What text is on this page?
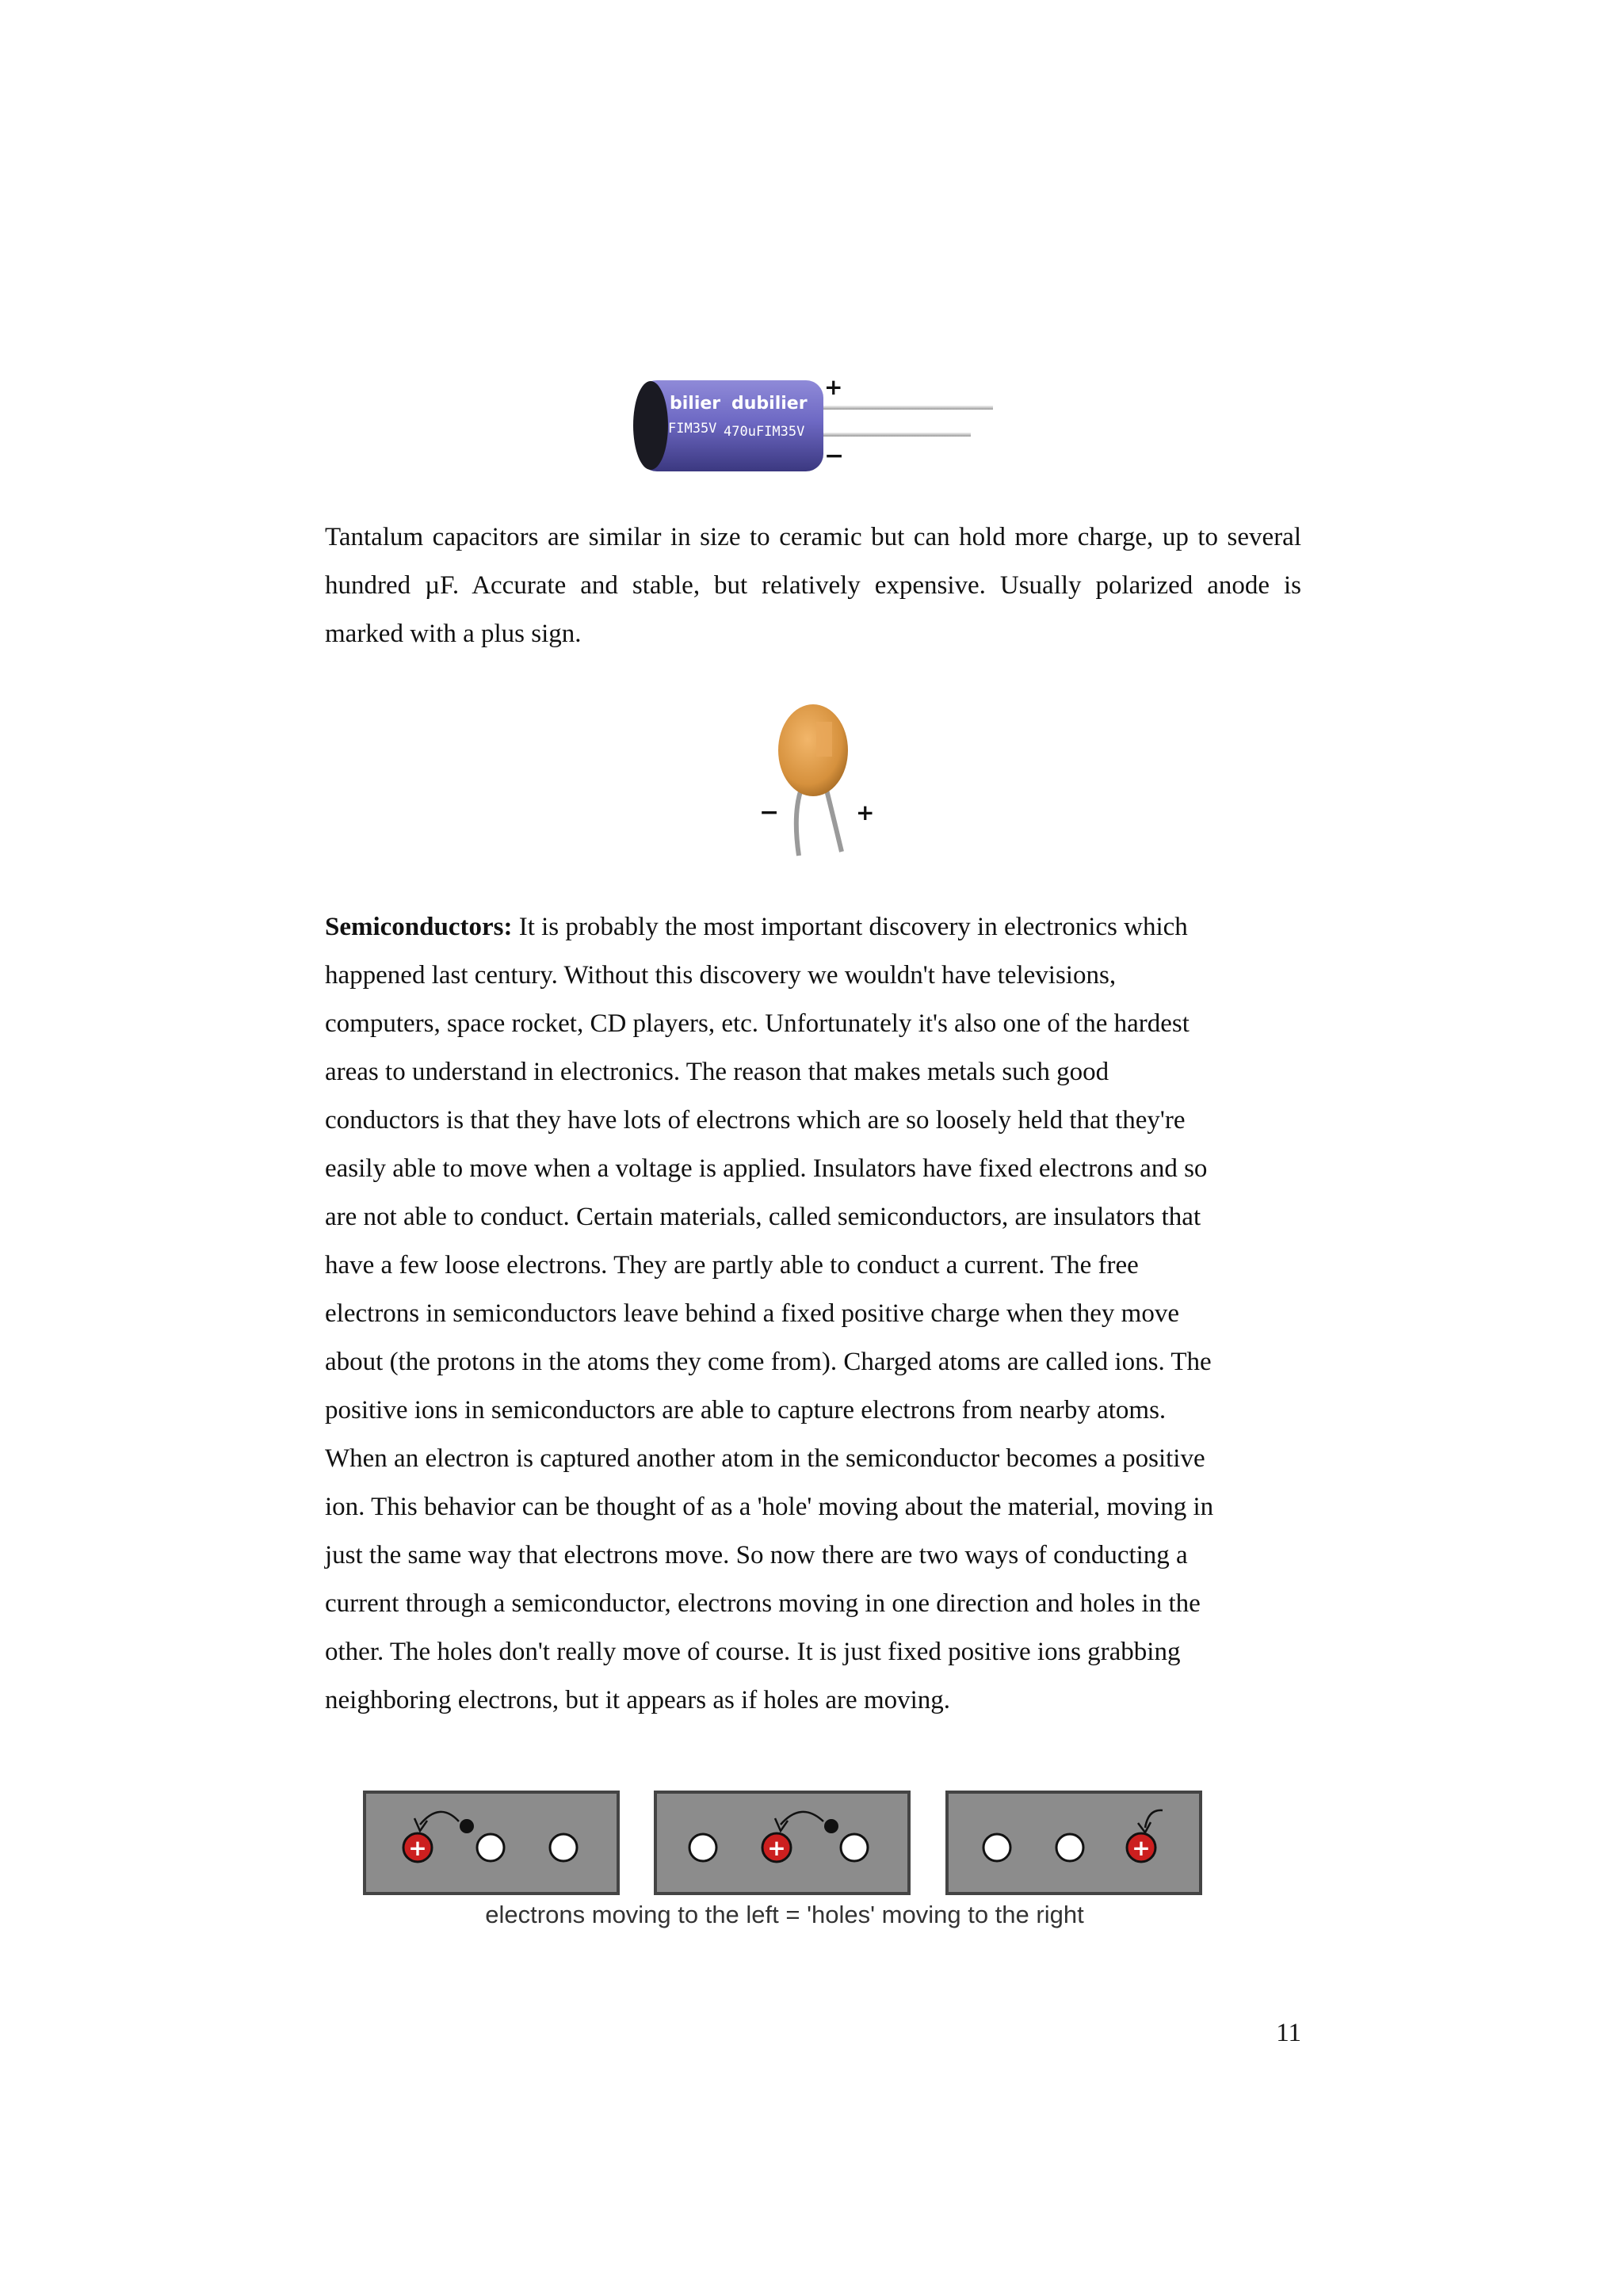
bilier dubilier
FIM35V 470uFIM35V
+
−
Tantalum capacitors are similar in size to ceramic but can hold more charge, up to several hundred µF. Accurate and stable, but relatively expensive. Usually polarized anode is marked with a plus sign.
−	+
Semiconductors: It is probably the most important discovery in electronics which
happened last century. Without this discovery we wouldn't have televisions,
computers, space rocket, CD players, etc. Unfortunately it's also one of the hardest
areas to understand in electronics. The reason that makes metals such good
conductors is that they have lots of electrons which are so loosely held that they're
easily able to move when a voltage is applied. Insulators have fixed electrons and so
are not able to conduct. Certain materials, called semiconductors, are insulators that
have a few loose electrons. They are partly able to conduct a current. The free
electrons in semiconductors leave behind a fixed positive charge when they move
about (the protons in the atoms they come from). Charged atoms are called ions. The
positive ions in semiconductors are able to capture electrons from nearby atoms.
When an electron is captured another atom in the semiconductor becomes a positive
ion. This behavior can be thought of as a 'hole' moving about the material, moving in
just the same way that electrons move. So now there are two ways of conducting a
current through a semiconductor, electrons moving in one direction and holes in the
other. The holes don't really move of course. It is just fixed positive ions grabbing
neighboring electrons, but it appears as if holes are moving.
+	+	+
electrons moving to the left = 'holes' moving to the right
11
